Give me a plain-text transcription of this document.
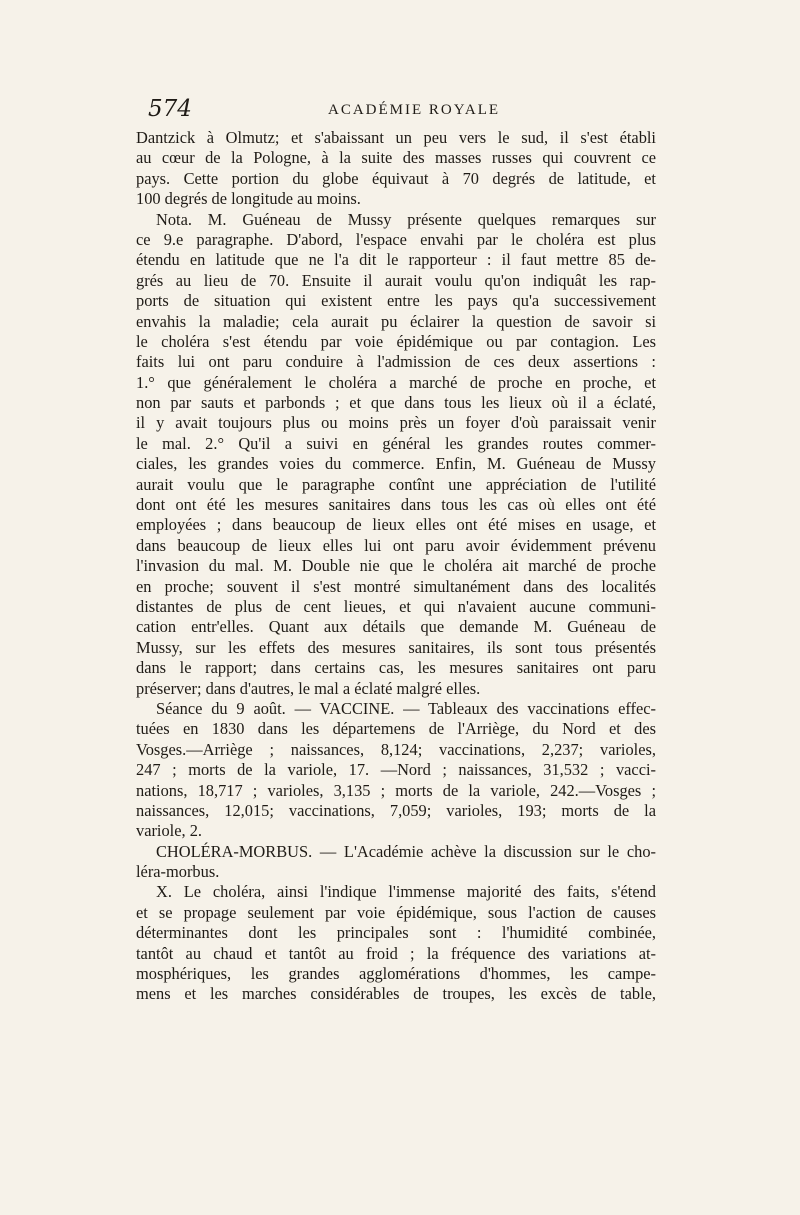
574	ACADÉMIE ROYALE
Dantzick à Olmutz; et s'abaissant un peu vers le sud, il s'est établi
au cœur de la Pologne, à la suite des masses russes qui couvrent ce
pays. Cette portion du globe équivaut à 70 degrés de latitude, et
100 degrés de longitude au moins.
Nota. M. Guéneau de Mussy présente quelques remarques sur
ce 9.e paragraphe. D'abord, l'espace envahi par le choléra est plus
étendu en latitude que ne l'a dit le rapporteur : il faut mettre 85 de-
grés au lieu de 70. Ensuite il aurait voulu qu'on indiquât les rap-
ports de situation qui existent entre les pays qu'a successivement
envahis la maladie; cela aurait pu éclairer la question de savoir si
le choléra s'est étendu par voie épidémique ou par contagion. Les
faits lui ont paru conduire à l'admission de ces deux assertions :
1.° que généralement le choléra a marché de proche en proche, et
non par sauts et parbonds ; et que dans tous les lieux où il a éclaté,
il y avait toujours plus ou moins près un foyer d'où paraissait venir
le mal. 2.° Qu'il a suivi en général les grandes routes commer-
ciales, les grandes voies du commerce. Enfin, M. Guéneau de Mussy
aurait voulu que le paragraphe contînt une appréciation de l'utilité
dont ont été les mesures sanitaires dans tous les cas où elles ont été
employées ; dans beaucoup de lieux elles ont été mises en usage, et
dans beaucoup de lieux elles lui ont paru avoir évidemment prévenu
l'invasion du mal. M. Double nie que le choléra ait marché de proche
en proche; souvent il s'est montré simultanément dans des localités
distantes de plus de cent lieues, et qui n'avaient aucune communi-
cation entr'elles. Quant aux détails que demande M. Guéneau de
Mussy, sur les effets des mesures sanitaires, ils sont tous présentés
dans le rapport; dans certains cas, les mesures sanitaires ont paru
préserver; dans d'autres, le mal a éclaté malgré elles.
Séance du 9 août. — VACCINE. — Tableaux des vaccinations effec-
tuées en 1830 dans les départemens de l'Arriège, du Nord et des
Vosges.—Arriège ; naissances, 8,124; vaccinations, 2,237; varioles,
247 ; morts de la variole, 17. —Nord ; naissances, 31,532 ; vacci-
nations, 18,717 ; varioles, 3,135 ; morts de la variole, 242.—Vosges ;
naissances, 12,015; vaccinations, 7,059; varioles, 193; morts de la
variole, 2.
CHOLÉRA-MORBUS. — L'Académie achève la discussion sur le cho-
léra-morbus.
X. Le choléra, ainsi l'indique l'immense majorité des faits, s'étend
et se propage seulement par voie épidémique, sous l'action de causes
déterminantes dont les principales sont : l'humidité combinée,
tantôt au chaud et tantôt au froid ; la fréquence des variations at-
mosphériques, les grandes agglomérations d'hommes, les campe-
mens et les marches considérables de troupes, les excès de table,
